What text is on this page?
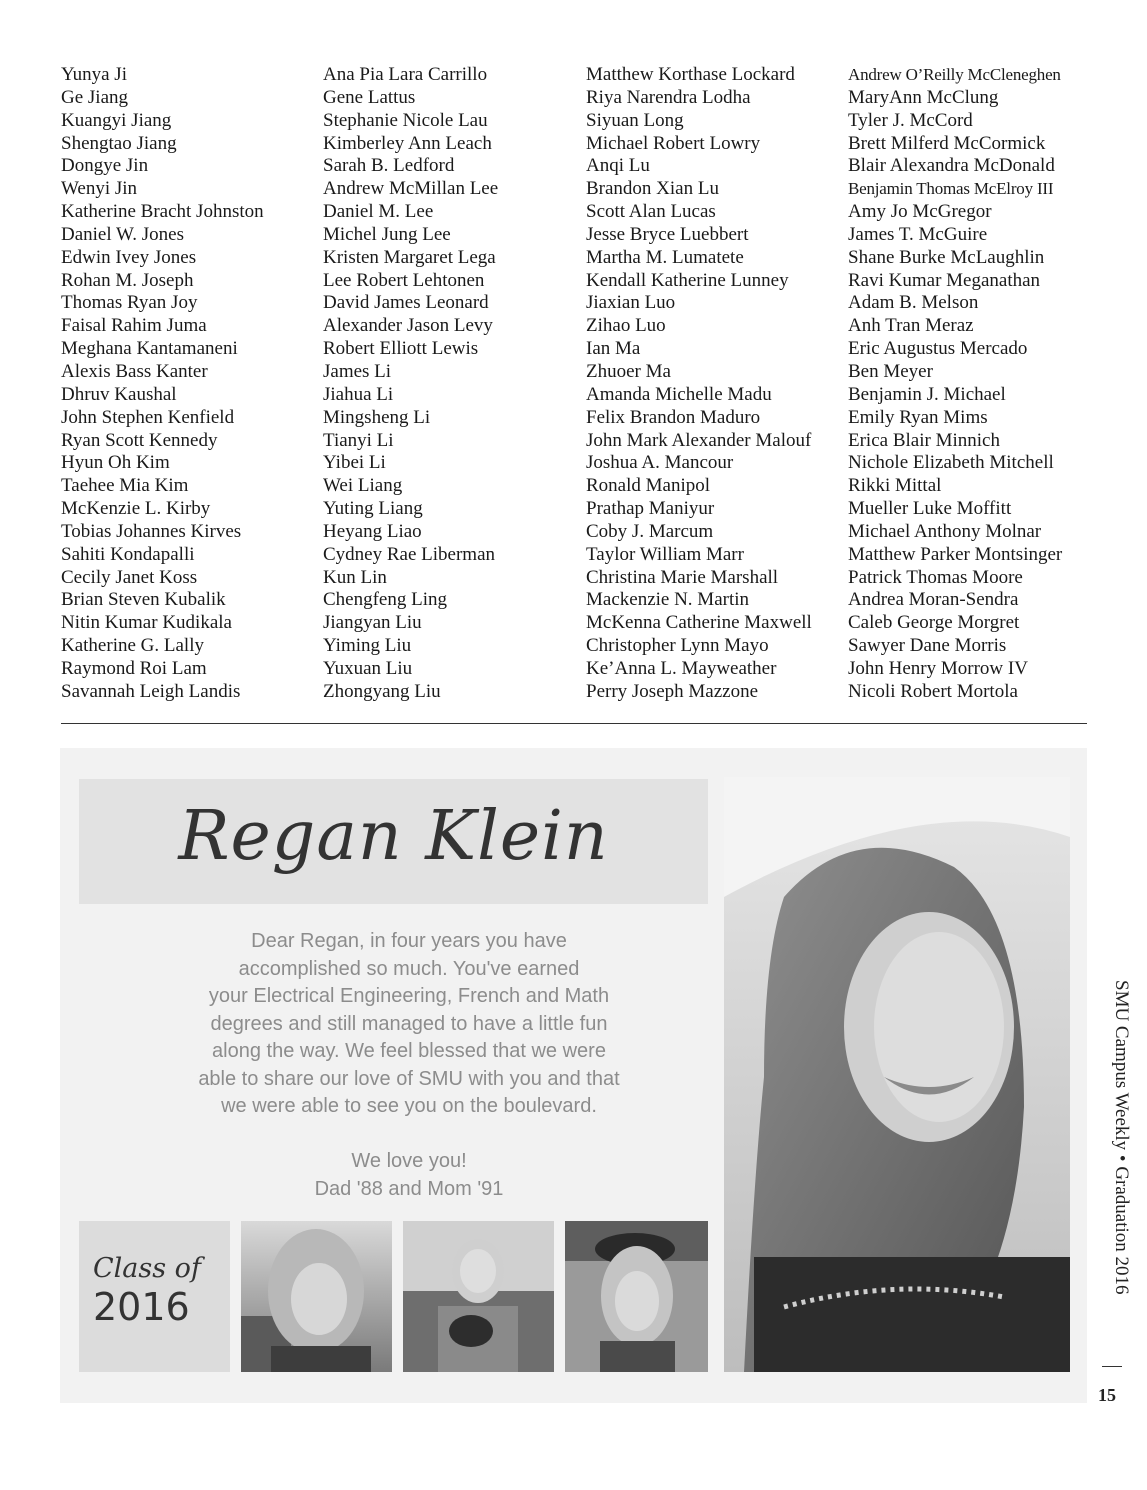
Yunya Ji
Ge Jiang
Kuangyi Jiang
Shengtao Jiang
Dongye Jin
Wenyi Jin
Katherine Bracht Johnston
Daniel W. Jones
Edwin Ivey Jones
Rohan M. Joseph
Thomas Ryan Joy
Faisal Rahim Juma
Meghana Kantamaneni
Alexis Bass Kanter
Dhruv Kaushal
John Stephen Kenfield
Ryan Scott Kennedy
Hyun Oh Kim
Taehee Mia Kim
McKenzie L. Kirby
Tobias Johannes Kirves
Sahiti Kondapalli
Cecily Janet Koss
Brian Steven Kubalik
Nitin Kumar Kudikala
Katherine G. Lally
Raymond Roi Lam
Savannah Leigh Landis
Ana Pia Lara Carrillo
Gene Lattus
Stephanie Nicole Lau
Kimberley Ann Leach
Sarah B. Ledford
Andrew McMillan Lee
Daniel M. Lee
Michel Jung Lee
Kristen Margaret Lega
Lee Robert Lehtonen
David James Leonard
Alexander Jason Levy
Robert Elliott Lewis
James Li
Jiahua Li
Mingsheng Li
Tianyi Li
Yibei Li
Wei Liang
Yuting Liang
Heyang Liao
Cydney Rae Liberman
Kun Lin
Chengfeng Ling
Jiangyan Liu
Yiming Liu
Yuxuan Liu
Zhongyang Liu
Matthew Korthase Lockard
Riya Narendra Lodha
Siyuan Long
Michael Robert Lowry
Anqi Lu
Brandon Xian Lu
Scott Alan Lucas
Jesse Bryce Luebbert
Martha M. Lumatete
Kendall Katherine Lunney
Jiaxian Luo
Zihao Luo
Ian Ma
Zhuoer Ma
Amanda Michelle Madu
Felix Brandon Maduro
John Mark Alexander Malouf
Joshua A. Mancour
Ronald Manipol
Prathap Maniyur
Coby J. Marcum
Taylor William Marr
Christina Marie Marshall
Mackenzie N. Martin
McKenna Catherine Maxwell
Christopher Lynn Mayo
Ke’Anna L. Mayweather
Perry Joseph Mazzone
Andrew O’Reilly McCleneghen
MaryAnn McClung
Tyler J. McCord
Brett Milferd McCormick
Blair Alexandra McDonald
Benjamin Thomas McElroy III
Amy Jo McGregor
James T. McGuire
Shane Burke McLaughlin
Ravi Kumar Meganathan
Adam B. Melson
Anh Tran Meraz
Eric Augustus Mercado
Ben Meyer
Benjamin J. Michael
Emily Ryan Mims
Erica Blair Minnich
Nichole Elizabeth Mitchell
Rikki Mittal
Mueller Luke Moffitt
Michael Anthony Molnar
Matthew Parker Montsinger
Patrick Thomas Moore
Andrea Moran-Sendra
Caleb George Morgret
Sawyer Dane Morris
John Henry Morrow IV
Nicoli Robert Mortola
Regan Klein

Dear Regan, in four years you have

accomplished so much. You've earned

your Electrical Engineering, French and Math

degrees and still managed to have a little fun

along the way. We feel blessed that we were

able to share our love of SMU with you and that

we were able to see you on the boulevard.

We love you!

Dad '88 and Mom '91

Class of
2016
SMU Campus Weekly • Graduation 2016
15
